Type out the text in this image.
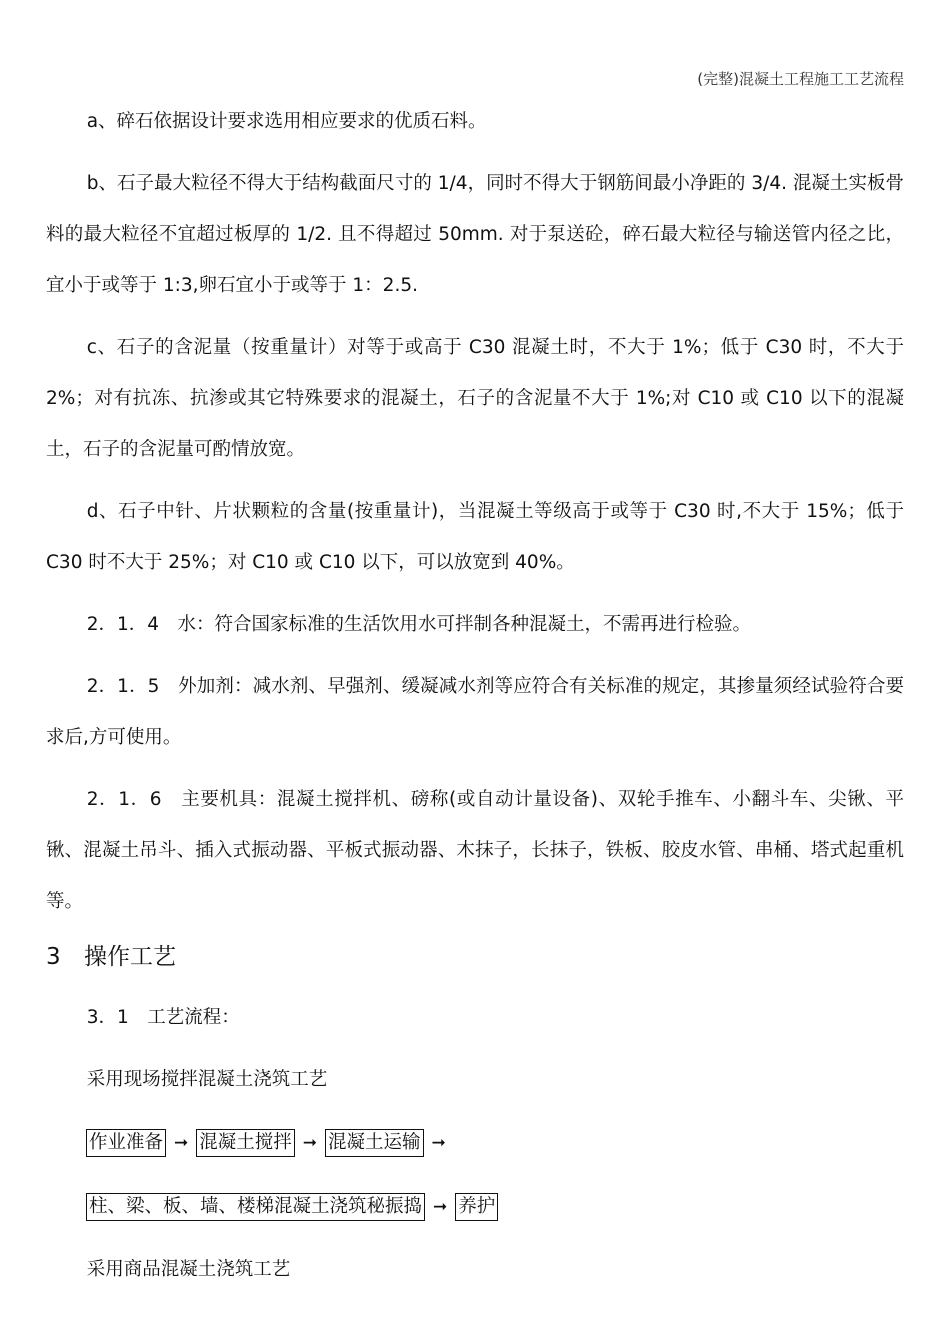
(完整)混凝土工程施工工艺流程

a、碎石依据设计要求选用相应要求的优质石料。

b、石子最大粒径不得大于结构截面尺寸的 1/4，同时不得大于钢筋间最小净距的 3/4. 混凝土实板骨料的最大粒径不宜超过板厚的 1/2. 且不得超过 50mm. 对于泵送砼，碎石最大粒径与输送管内径之比，宜小于或等于 1:3,卵石宜小于或等于 1：2.5.

c、石子的含泥量（按重量计）对等于或高于 C30 混凝土时，不大于 1%；低于 C30 时，不大于 2%；对有抗冻、抗渗或其它特殊要求的混凝土，石子的含泥量不大于 1%;对 C10 或 C10 以下的混凝土，石子的含泥量可酌情放宽。

d、石子中针、片状颗粒的含量(按重量计)，当混凝土等级高于或等于 C30 时,不大于 15%；低于 C30 时不大于 25%；对 C10 或 C10 以下，可以放宽到 40%。

2．1．4　水：符合国家标准的生活饮用水可拌制各种混凝土，不需再进行检验。

2．1．5　外加剂：减水剂、早强剂、缓凝减水剂等应符合有关标准的规定，其掺量须经试验符合要求后,方可使用。

2．1．6　主要机具：混凝土搅拌机、磅称(或自动计量设备)、双轮手推车、小翻斗车、尖锹、平锹、混凝土吊斗、插入式振动器、平板式振动器、木抹子，长抹子，铁板、胶皮水管、串桶、塔式起重机等。

3 操作工艺

3．1　工艺流程：

采用现场搅拌混凝土浇筑工艺

作业准备 ➞ 混凝土搅拌 ➞ 混凝土运输 ➞
柱、梁、板、墙、楼梯混凝土浇筑秘振捣 ➞ 养护

采用商品混凝土浇筑工艺
